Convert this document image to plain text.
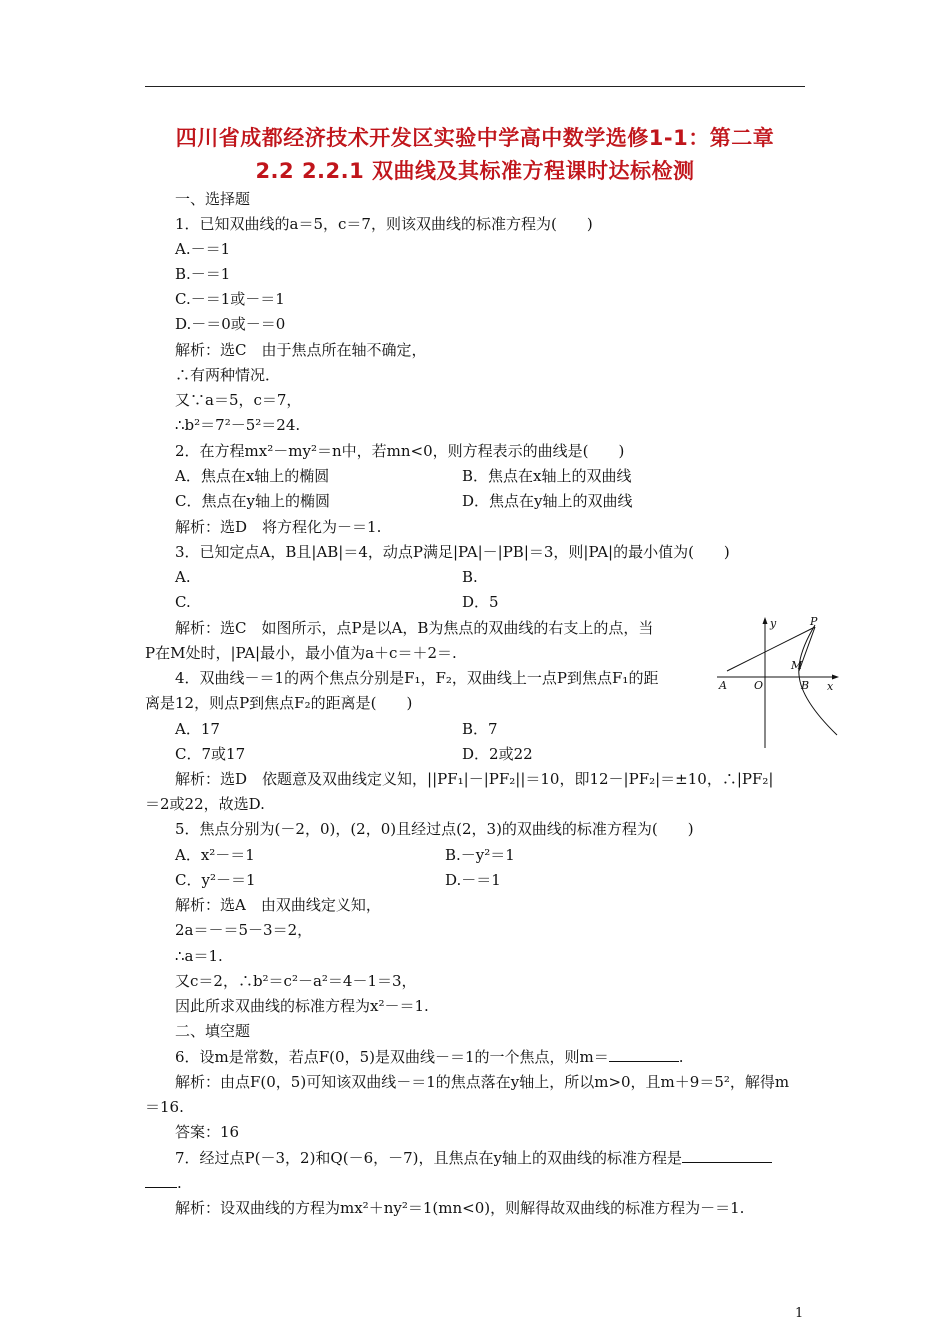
四川省成都经济技术开发区实验中学高中数学选修1-1：第二章
2.2 2.2.1 双曲线及其标准方程课时达标检测
一、选择题
1．已知双曲线的a＝5，c＝7，则该双曲线的标准方程为(　　)
A.－＝1
B.－＝1
C.－＝1或－＝1
D.－＝0或－＝0
解析：选C　由于焦点所在轴不确定，
∴有两种情况．
又∵a＝5，c＝7，
∴b²＝7²－5²＝24.
2．在方程mx²－my²＝n中，若mn<0，则方程表示的曲线是(　　)
A．焦点在x轴上的椭圆	B．焦点在x轴上的双曲线
C．焦点在y轴上的椭圆	D．焦点在y轴上的双曲线
解析：选D　将方程化为－＝1.
3．已知定点A，B且|AB|＝4，动点P满足|PA|－|PB|＝3，则|PA|的最小值为(　　)
A.	B.
C.	D．5
解析：选C　如图所示，点P是以A，B为焦点的双曲线的右支上的点，当
P在M处时，|PA|最小，最小值为a＋c＝＋2＝.
y
x
P
M
A O	B
4．双曲线－＝1的两个焦点分别是F₁，F₂，双曲线上一点P到焦点F₁的距
离是12，则点P到焦点F₂的距离是(　　)
A．17	B．7
C．7或17	D．2或22
解析：选D　依题意及双曲线定义知，||PF₁|－|PF₂||＝10，即12－|PF₂|＝±10，∴|PF₂|
＝2或22，故选D.
5．焦点分别为(－2，0)，(2，0)且经过点(2，3)的双曲线的标准方程为(　　)
A．x²－＝1	B.－y²＝1
C．y²－＝1	D.－＝1
解析：选A　由双曲线定义知，
2a＝－＝5－3＝2，
∴a＝1.
又c＝2，∴b²＝c²－a²＝4－1＝3，
因此所求双曲线的标准方程为x²－＝1.
二、填空题
6．设m是常数，若点F(0，5)是双曲线－＝1的一个焦点，则m＝	.
解析：由点F(0，5)可知该双曲线－＝1的焦点落在y轴上，所以m>0，且m＋9＝5²，解得m
＝16.
答案：16
7．经过点P(－3，2)和Q(－6，－7)，且焦点在y轴上的双曲线的标准方程是
.
解析：设双曲线的方程为mx²＋ny²＝1(mn<0)，则解得故双曲线的标准方程为－＝1.
1
